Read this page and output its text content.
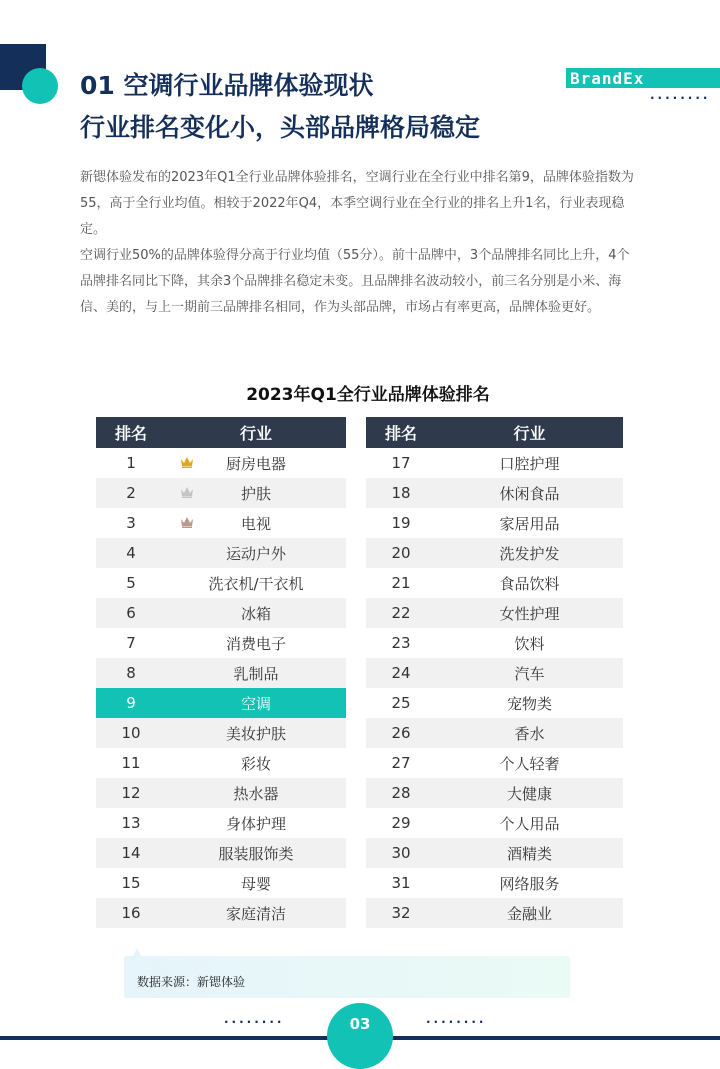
01 空调行业品牌体验现状
行业排名变化小，头部品牌格局稳定
BrandEx
........

新锶体验发布的2023年Q1全行业品牌体验排名，空调行业在全行业中排名第9，品牌体验指数为55，高于全行业均值。相较于2022年Q4，本季空调行业在全行业的排名上升1名，行业表现稳定。

空调行业50%的品牌体验得分高于行业均值（55分）。前十品牌中，3个品牌排名同比上升，4个品牌排名同比下降，其余3个品牌排名稳定未变。且品牌排名波动较小，前三名分别是小米、海信、美的，与上一期前三品牌排名相同，作为头部品牌，市场占有率更高，品牌体验更好。

2023年Q1全行业品牌体验排名
排名	行业
1	厨房电器
2	护肤
3	电视
4	运动户外
5	洗衣机/干衣机
6	冰箱
7	消费电子
8	乳制品
9	空调
10	美妆护肤
11	彩妆
12	热水器
13	身体护理
14	服装服饰类
15	母婴
16	家庭清洁
排名	行业
17	口腔护理
18	休闲食品
19	家居用品
20	洗发护发
21	食品饮料
22	女性护理
23	饮料
24	汽车
25	宠物类
26	香水
27	个人轻奢
28	大健康
29	个人用品
30	酒精类
31	网络服务
32	金融业
数据来源：新锶体验
........	........
03
